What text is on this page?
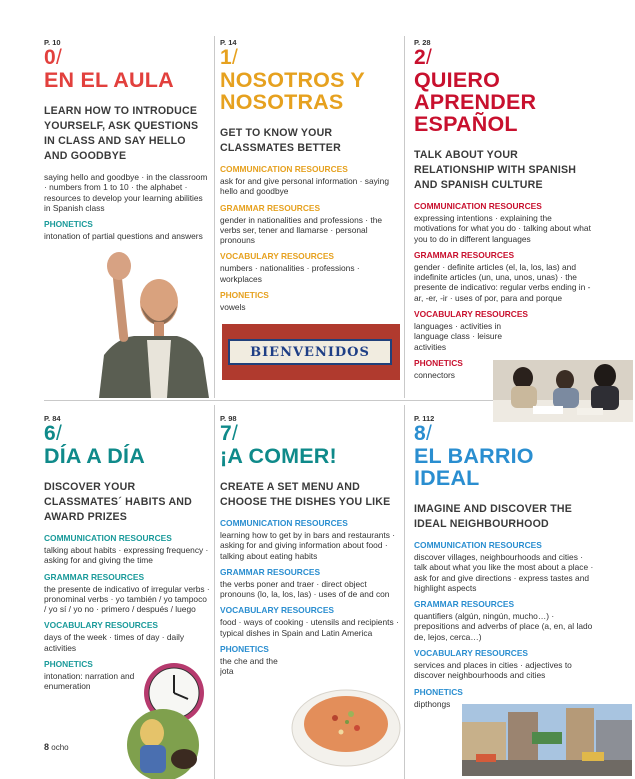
P. 10

0/

EN EL AULA

LEARN HOW TO INTRODUCE YOURSELF, ASK QUESTIONS IN CLASS AND SAY HELLO AND GOODBYE

saying hello and goodbye · in the classroom · numbers from 1 to 10 · the alphabet · resources to develop your learning abilities in Spanish class

PHONETICS

intonation of partial questions and answers

P. 14

1/

NOSOTROS Y NOSOTRAS

GET TO KNOW YOUR CLASSMATES BETTER

COMMUNICATION RESOURCES

ask for and give personal information · saying hello and goodbye

GRAMMAR RESOURCES

gender in nationalities and professions · the verbs ser, tener and llamarse · personal pronouns

VOCABULARY RESOURCES

numbers · nationalities · professions · workplaces

PHONETICS

vowels

BIENVENIDOS

P. 28

2/

QUIERO APRENDER ESPAÑOL

TALK ABOUT YOUR RELATIONSHIP WITH SPANISH AND SPANISH CULTURE

COMMUNICATION RESOURCES

expressing intentions · explaining the motivations for what you do · talking about what you to do in different languages

GRAMMAR RESOURCES

gender · definite articles (el, la, los, las) and indefinite articles (un, una, unos, unas) · the presente de indicativo: regular verbs ending in -ar, -er, -ir · uses of por, para and porque

VOCABULARY RESOURCES

languages · activities in language class · leisure activities

PHONETICS

connectors

P. 84

6/

DÍA A DÍA

DISCOVER YOUR CLASSMATES´ HABITS AND AWARD PRIZES

COMMUNICATION RESOURCES

talking about habits · expressing frequency · asking for and giving the time

GRAMMAR RESOURCES

the presente de indicativo of irregular verbs · pronominal verbs · yo también / yo tampoco / yo sí / yo no · primero / después / luego

VOCABULARY RESOURCES

days of the week · times of day · daily activities

PHONETICS

intonation: narration and enumeration

8 ocho

P. 98

7/

¡A COMER!

CREATE A SET MENU AND CHOOSE THE DISHES YOU LIKE

COMMUNICATION RESOURCES

learning how to get by in bars and restaurants · asking for and giving information about food · talking about eating habits

GRAMMAR RESOURCES

the verbs poner and traer · direct object pronouns (lo, la, los, las) · uses of de and con

VOCABULARY RESOURCES

food · ways of cooking · utensils and recipients · typical dishes in Spain and Latin America

PHONETICS

the che and the jota

P. 112

8/

EL BARRIO IDEAL

IMAGINE AND DISCOVER THE IDEAL NEIGHBOURHOOD

COMMUNICATION RESOURCES

discover villages, neighbourhoods and cities · talk about what you like the most about a place · ask for and give directions · express tastes and highlight aspects

GRAMMAR RESOURCES

quantifiers (algún, ningún, mucho…) · prepositions and adverbs of place (a, en, al lado de, lejos, cerca…)

VOCABULARY RESOURCES

services and places in cities · adjectives to discover neighbourhoods and cities

PHONETICS

dipthongs
